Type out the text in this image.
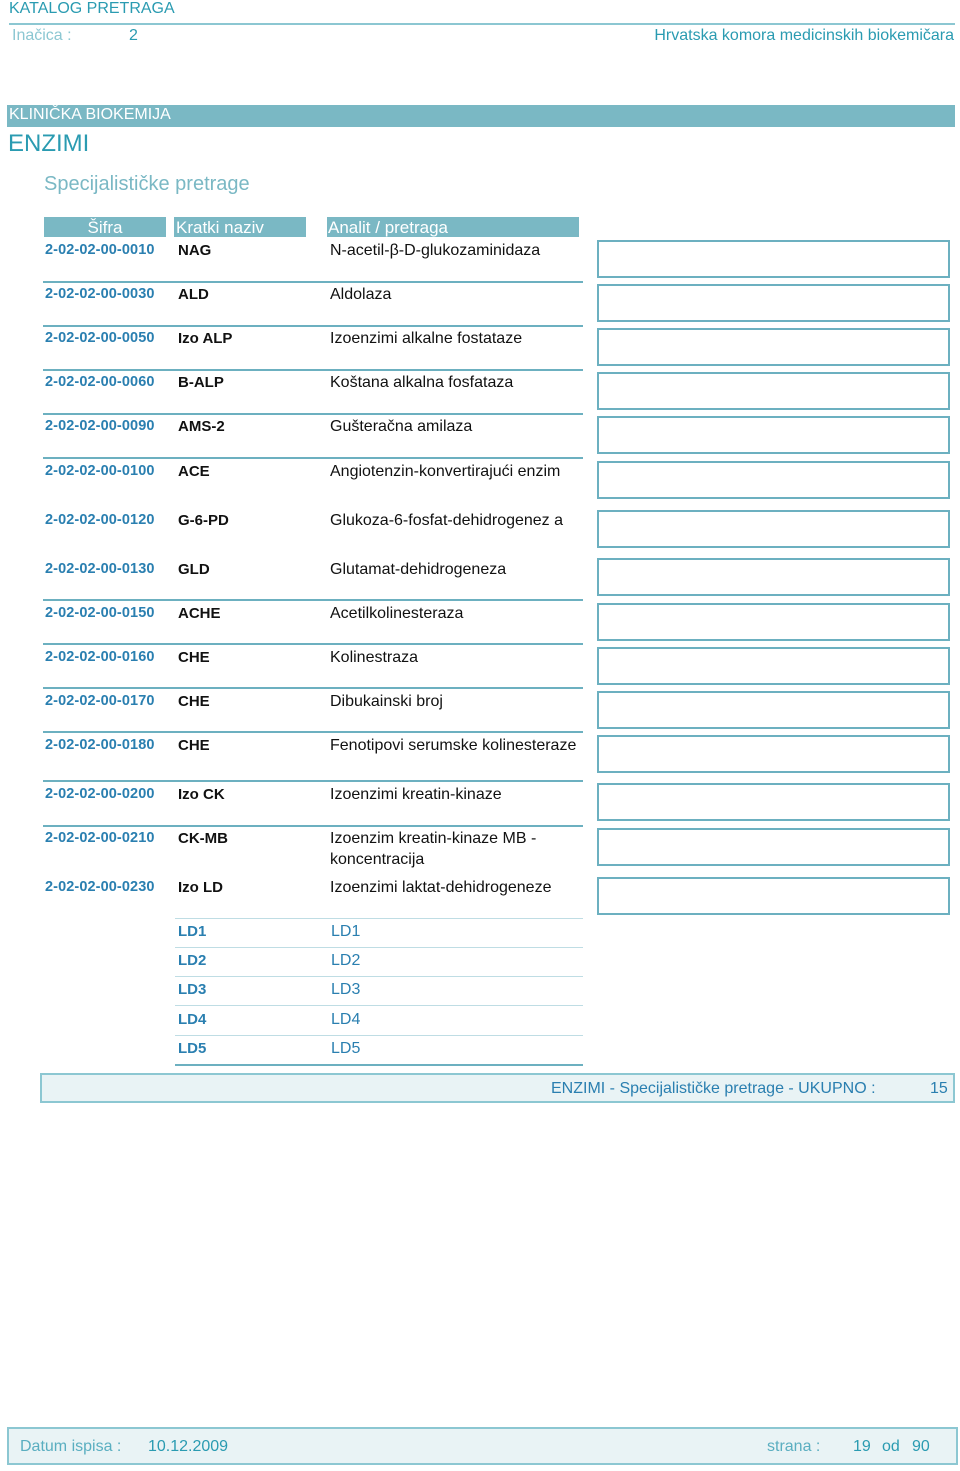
KATALOG PRETRAGA
Inačica :	2	Hrvatska komora medicinskih biokemičara
KLINIČKA BIOKEMIJA
ENZIMI
Specijalističke pretrage
Šifra	Kratki naziv	Analit / pretraga
2-02-02-00-0010 NAG	N-acetil-β-D-glukozaminidaza
2-02-02-00-0030 ALD	Aldolaza
2-02-02-00-0050 Izo ALP	Izoenzimi alkalne fostataze
2-02-02-00-0060 B-ALP	Koštana alkalna fosfataza
2-02-02-00-0090 AMS-2	Gušteračna amilaza
2-02-02-00-0100 ACE	Angiotenzin-konvertirajući enzim
2-02-02-00-0120 G-6-PD	Glukoza-6-fosfat-dehidrogenez a
2-02-02-00-0130 GLD	Glutamat-dehidrogeneza
2-02-02-00-0150 ACHE	Acetilkolinesteraza
2-02-02-00-0160 CHE	Kolinestraza
2-02-02-00-0170 CHE	Dibukainski broj
2-02-02-00-0180 CHE	Fenotipovi serumske kolinesteraze
2-02-02-00-0200 Izo CK	Izoenzimi kreatin-kinaze
2-02-02-00-0210 CK-MB	Izoenzim kreatin-kinaze MB - koncentracija
2-02-02-00-0230 Izo LD	Izoenzimi laktat-dehidrogeneze
LD1	LD1
LD2	LD2
LD3	LD3
LD4	LD4
LD5	LD5
ENZIMI - Specijalističke pretrage - UKUPNO :	15
Datum ispisa : 10.12.2009	strana : 19 od 90
